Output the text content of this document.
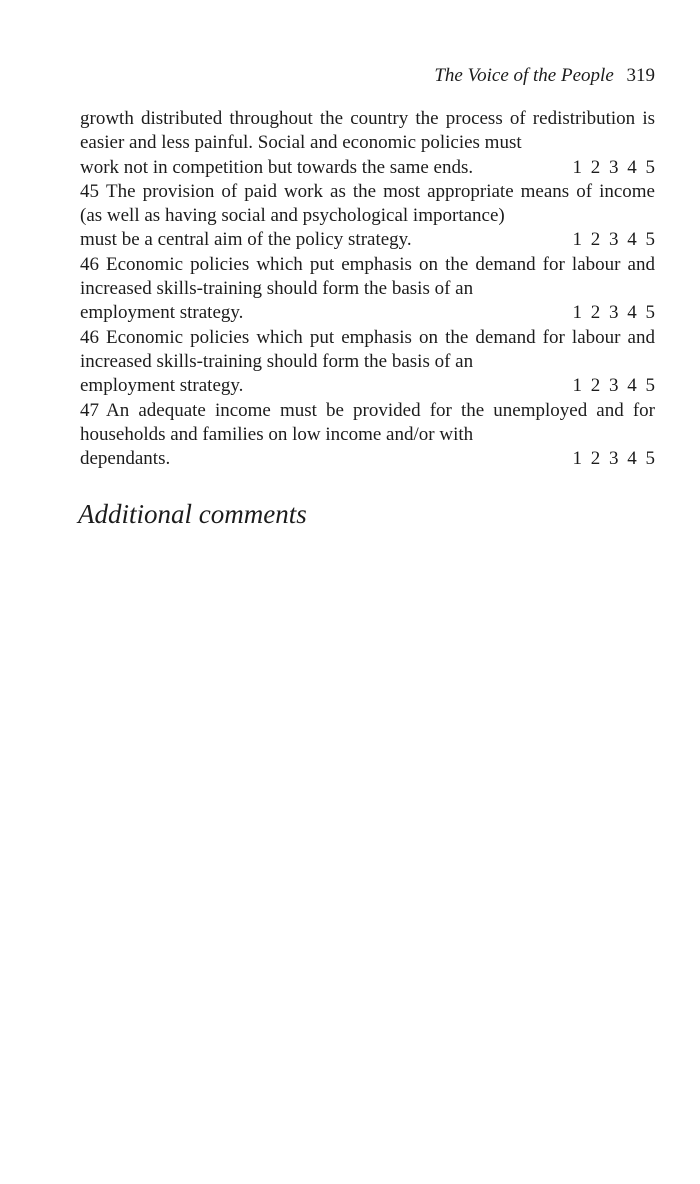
The Voice of the People 319
growth distributed throughout the country the process of redistribution is easier and less painful. Social and economic policies must
work not in competition but towards the same ends.	1 2 3 4 5
45 The provision of paid work as the most appropriate means of income (as well as having social and psychological importance)
must be a central aim of the policy strategy.	1 2 3 4 5
46 Economic policies which put emphasis on the demand for labour and increased skills-training should form the basis of an
employment strategy.	1 2 3 4 5
46 Economic policies which put emphasis on the demand for labour and increased skills-training should form the basis of an
employment strategy.	1 2 3 4 5
47 An adequate income must be provided for the unemployed and for households and families on low income and/or with
dependants.	1 2 3 4 5
Additional comments
